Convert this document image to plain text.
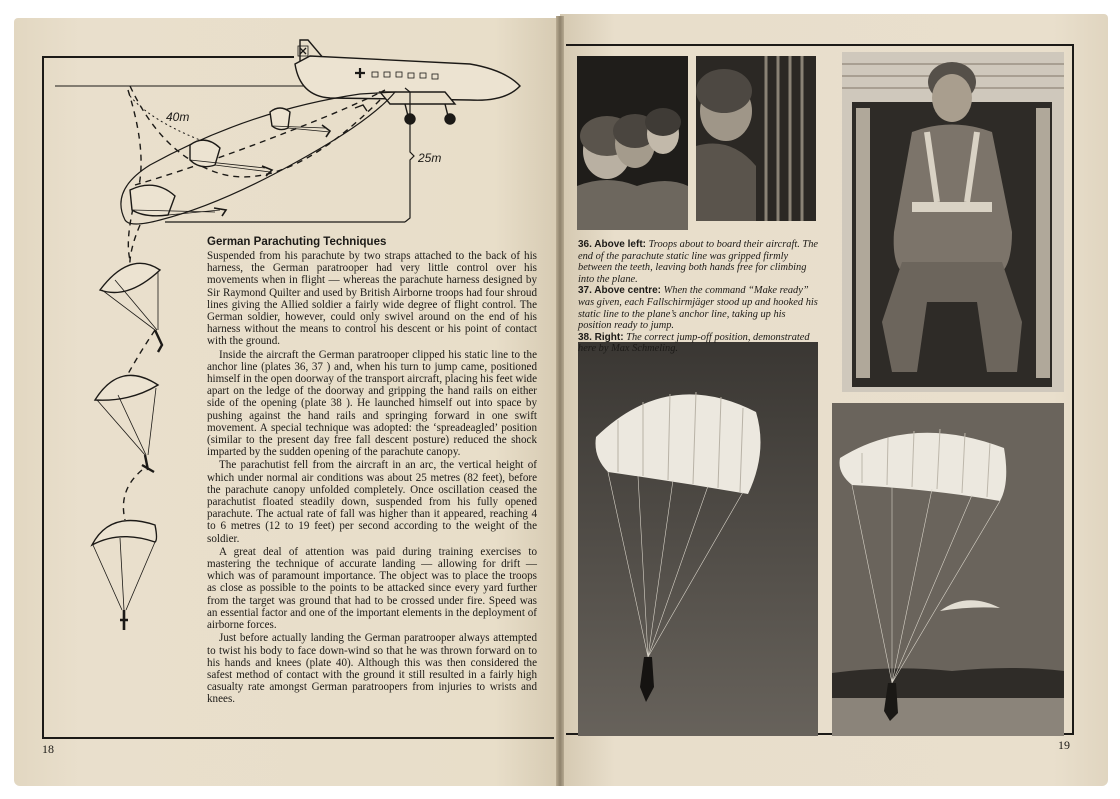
40m
25m
German Parachuting Techniques

Suspended from his parachute by two straps attached to the back of his harness, the German paratrooper had very little control over his movements when in flight — whereas the parachute harness designed by Sir Raymond Quilter and used by British Airborne troops had four shroud lines giving the Allied soldier a fairly wide degree of flight control. The German soldier, however, could only swivel around on the end of his harness without the means to control his descent or his point of contact with the ground.

Inside the aircraft the German paratrooper clipped his static line to the anchor line (plates 36, 37 ) and, when his turn to jump came, positioned himself in the open doorway of the transport aircraft, placing his feet wide apart on the ledge of the doorway and gripping the hand rails on either side of the opening (plate 38 ). He launched himself out into space by pushing against the hand rails and springing forward in one swift movement. A special technique was adopted: the ‘spreadeagled’ position (similar to the present day free fall descent posture) reduced the shock imparted by the sudden opening of the parachute canopy.

The parachutist fell from the aircraft in an arc, the vertical height of which under normal air conditions was about 25 metres (82 feet), before the parachute canopy unfolded completely. Once oscillation ceased the parachutist floated steadily down, suspended from his fully opened parachute. The actual rate of fall was higher than it appeared, reaching 4 to 6 metres (12 to 19 feet) per second according to the weight of the soldier.

A great deal of attention was paid during training exercises to mastering the technique of accurate landing — allowing for drift — which was of paramount importance. The object was to place the troops as close as possible to the points to be attacked since every yard further from the target was ground that had to be crossed under fire. Speed was an essential factor and one of the important elements in the deployment of airborne forces.

Just before actually landing the German paratrooper always attempted to twist his body to face down-wind so that he was thrown forward on to his hands and knees (plate 40). Although this was then considered the safest method of contact with the ground it still resulted in a fairly high casualty rate amongst German paratroopers from injuries to wrists and knees.

18

36. Above left: Troops about to board their aircraft. The end of the parachute static line was gripped firmly between the teeth, leaving both hands free for climbing into the plane.

37. Above centre: When the command “Make ready” was given, each Fallschirmjäger stood up and hooked his static line to the plane’s anchor line, taking up his position ready to jump.

38. Right: The correct jump-off position, demonstrated here by Max Schmeling.

19
